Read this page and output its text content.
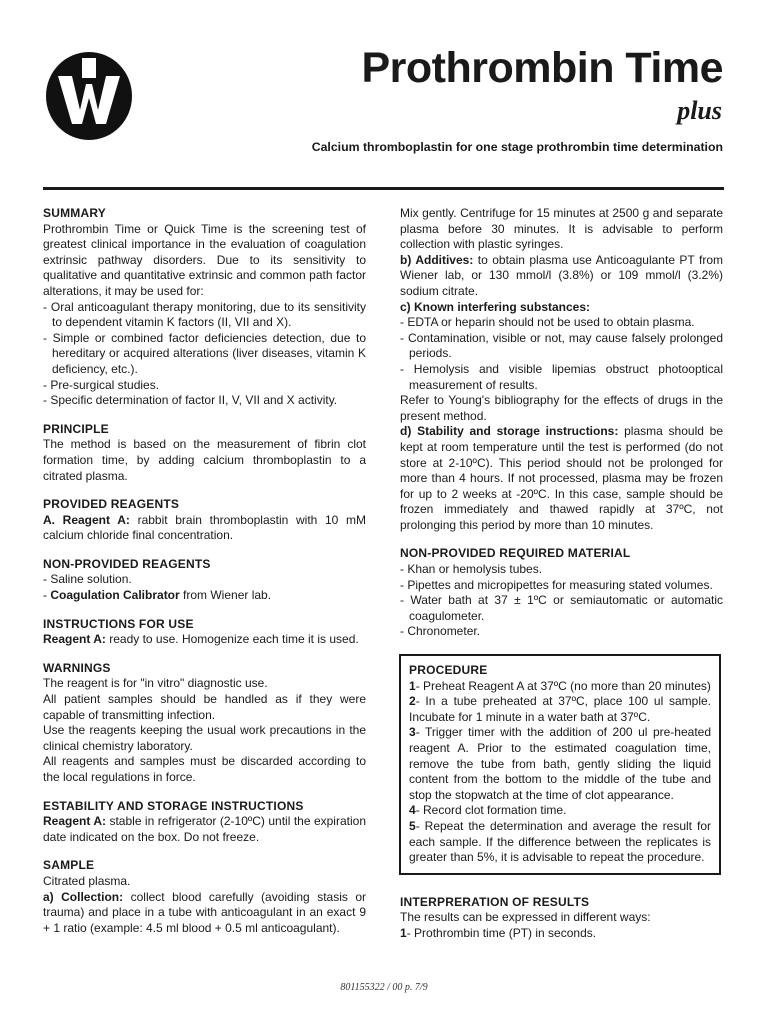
Prothrombin Time
plus
Calcium thromboplastin for one stage prothrombin time determination

SUMMARY

Prothrombin Time or Quick Time is the screening test of greatest clinical importance in the evaluation of coagulation extrinsic pathway disorders. Due to its sensitivity to qualitative and quantitative extrinsic and common path factor alterations, it may be used for:

- Oral anticoagulant therapy monitoring, due to its sensitivity to dependent vitamin K factors (II, VII and X).

- Simple or combined factor deficiencies detection, due to hereditary or acquired alterations (liver diseases, vitamin K deficiency, etc.).

- Pre-surgical studies.

- Specific determination of factor II, V, VII and X activity.

PRINCIPLE

The method is based on the measurement of fibrin clot formation time, by adding calcium thromboplastin to a citrated plasma.

PROVIDED REAGENTS

A. Reagent A: rabbit brain thromboplastin with 10 mM calcium chloride final concentration.

NON-PROVIDED REAGENTS

- Saline solution.

- Coagulation Calibrator from Wiener lab.

INSTRUCTIONS FOR USE

Reagent A: ready to use. Homogenize each time it is used.

WARNINGS

The reagent is for "in vitro" diagnostic use.

All patient samples should be handled as if they were capable of transmitting infection.

Use the reagents keeping the usual work precautions in the clinical chemistry laboratory.

All reagents and samples must be discarded according to the local regulations in force.

ESTABILITY AND STORAGE INSTRUCTIONS

Reagent A: stable in refrigerator (2-10ºC) until the expiration date indicated on the box. Do not freeze.

SAMPLE

Citrated plasma.

a) Collection: collect blood carefully (avoiding stasis or trauma) and place in a tube with anticoagulant in an exact 9 + 1 ratio (example: 4.5 ml blood + 0.5 ml anticoagulant).

Mix gently. Centrifuge for 15 minutes at 2500 g and separate plasma before 30 minutes. It is advisable to perform collection with plastic syringes.

b) Additives: to obtain plasma use Anticoagulante PT from Wiener lab, or 130 mmol/l (3.8%) or 109 mmol/l (3.2%) sodium citrate.

c) Known interfering substances:

- EDTA or heparin should not be used to obtain plasma.

- Contamination, visible or not, may cause falsely prolonged periods.

- Hemolysis and visible lipemias obstruct photooptical measurement of results.

Refer to Young's bibliography for the effects of drugs in the present method.

d) Stability and storage instructions: plasma should be kept at room temperature until the test is performed (do not store at 2-10ºC). This period should not be prolonged for more than 4 hours. If not processed, plasma may be frozen for up to 2 weeks at -20ºC. In this case, sample should be frozen immediately and thawed rapidly at 37ºC, not prolonging this period by more than 10 minutes.

NON-PROVIDED REQUIRED MATERIAL

- Khan or hemolysis tubes.

- Pipettes and micropipettes for measuring stated volumes.

- Water bath at 37 ± 1ºC or semiautomatic or automatic coagulometer.

- Chronometer.

PROCEDURE

1- Preheat Reagent A at 37ºC (no more than 20 minutes)

2- In a tube preheated at 37ºC, place 100 ul sample. Incubate for 1 minute in a water bath at 37ºC.

3- Trigger timer with the addition of 200 ul pre-heated reagent A. Prior to the estimated coagulation time, remove the tube from bath, gently sliding the liquid content from the bottom to the middle of the tube and stop the stopwatch at the time of clot appearance.

4- Record clot formation time.

5- Repeat the determination and average the result for each sample. If the difference between the replicates is greater than 5%, it is advisable to repeat the procedure.

INTERPRERATION OF RESULTS

The results can be expressed in different ways:

1- Prothrombin time (PT) in seconds.

801155322 / 00 p. 7/9
